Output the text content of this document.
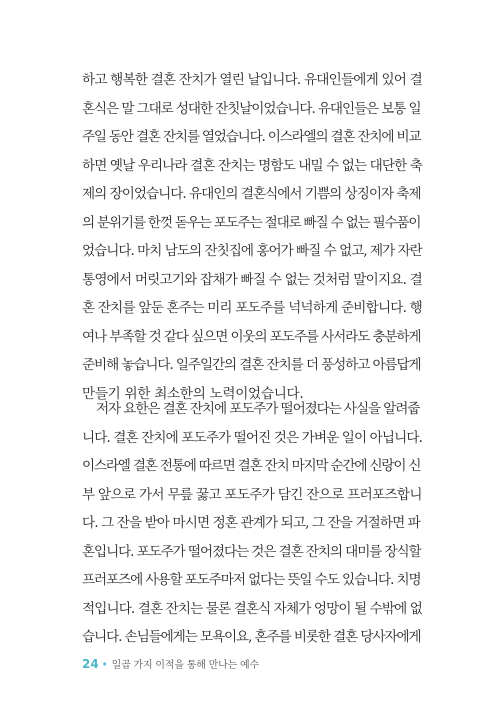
하고 행복한 결혼 잔치가 열린 날입니다. 유대인들에게 있어 결
혼식은 말 그대로 성대한 잔칫날이었습니다. 유대인들은 보통 일
주일 동안 결혼 잔치를 열었습니다. 이스라엘의 결혼 잔치에 비교
하면 옛날 우리나라 결혼 잔치는 명함도 내밀 수 없는 대단한 축
제의 장이었습니다. 유대인의 결혼식에서 기쁨의 상징이자 축제
의 분위기를 한껏 돋우는 포도주는 절대로 빠질 수 없는 필수품이
었습니다. 마치 남도의 잔칫집에 홍어가 빠질 수 없고, 제가 자란
통영에서 머릿고기와 잡채가 빠질 수 없는 것처럼 말이지요. 결
혼 잔치를 앞둔 혼주는 미리 포도주를 넉넉하게 준비합니다. 행
여나 부족할 것 같다 싶으면 이웃의 포도주를 사서라도 충분하게
준비해 놓습니다. 일주일간의 결혼 잔치를 더 풍성하고 아름답게
만들기 위한 최소한의 노력이었습니다.
저자 요한은 결혼 잔치에 포도주가 떨어졌다는 사실을 알려줍
니다. 결혼 잔치에 포도주가 떨어진 것은 가벼운 일이 아닙니다.
이스라엘 결혼 전통에 따르면 결혼 잔치 마지막 순간에 신랑이 신
부 앞으로 가서 무릎 꿇고 포도주가 담긴 잔으로 프러포즈합니
다. 그 잔을 받아 마시면 정혼 관계가 되고, 그 잔을 거절하면 파
혼입니다. 포도주가 떨어졌다는 것은 결혼 잔치의 대미를 장식할
프러포즈에 사용할 포도주마저 없다는 뜻일 수도 있습니다. 치명
적입니다. 결혼 잔치는 물론 결혼식 자체가 엉망이 될 수밖에 없
습니다. 손님들에게는 모욕이요, 혼주를 비롯한 결혼 당사자에게
24 • 일곱 가지 이적을 통해 만나는 예수
